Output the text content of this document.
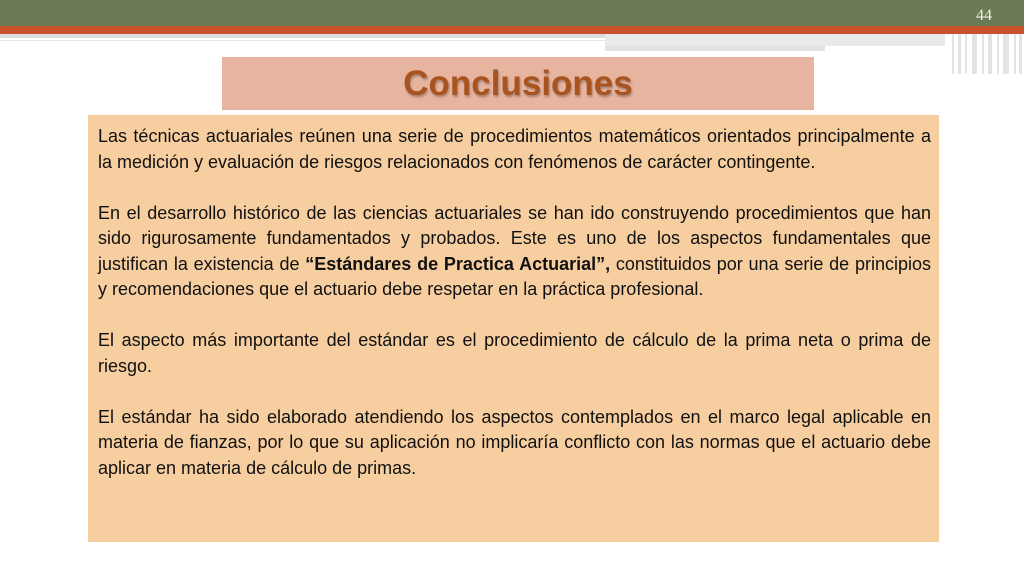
44
Conclusiones

Las técnicas actuariales reúnen una serie de procedimientos matemáticos orientados principalmente a la medición y evaluación de riesgos relacionados con fenómenos de carácter contingente.

En el desarrollo histórico de las ciencias actuariales se han ido construyendo procedimientos que han sido rigurosamente fundamentados y probados. Este es uno de los aspectos fundamentales que justifican la existencia de “Estándares de Practica Actuarial”, constituidos por una serie de principios y recomendaciones que el actuario debe respetar en la práctica profesional.

El aspecto más importante del estándar es el procedimiento de cálculo de la prima neta o prima de riesgo.

El estándar ha sido elaborado atendiendo los aspectos contemplados en el marco legal aplicable en materia de fianzas, por lo que su aplicación no implicaría conflicto con las normas que el actuario debe aplicar en materia de cálculo de primas.
